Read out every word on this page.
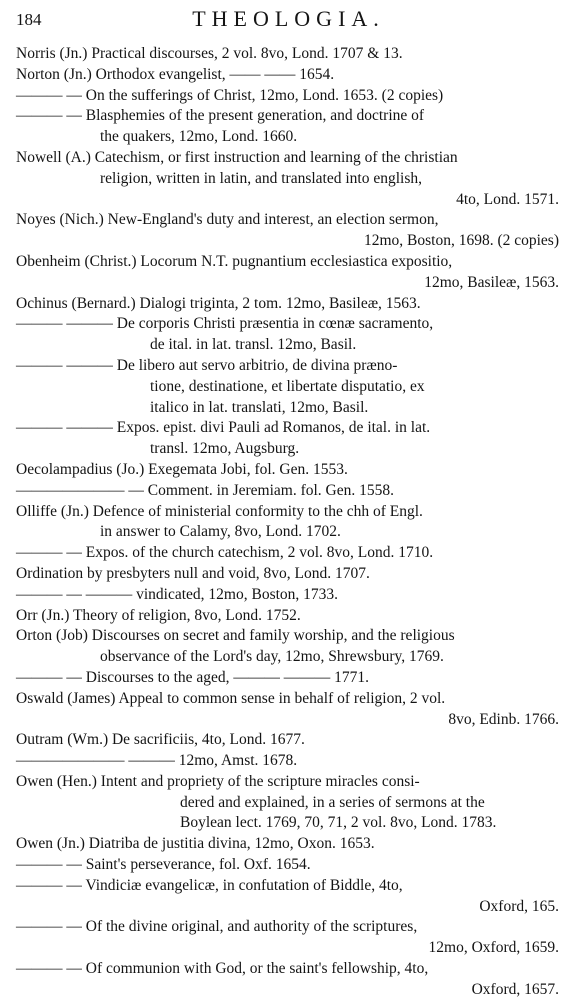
184	THEOLOGIA.
Norris (Jn.) Practical discourses, 2 vol. 8vo, Lond. 1707 & 13.
Norton (Jn.) Orthodox evangelist, —— —— 1654.
——— — On the sufferings of Christ, 12mo, Lond. 1653. (2 copies)
——— — Blasphemies of the present generation, and doctrine of
the quakers, 12mo, Lond. 1660.
Nowell (A.) Catechism, or first instruction and learning of the christian
religion, written in latin, and translated into english,
4to, Lond. 1571.
Noyes (Nich.) New-England's duty and interest, an election sermon,
12mo, Boston, 1698. (2 copies)
Obenheim (Christ.) Locorum N.T. pugnantium ecclesiastica expositio,
12mo, Basileæ, 1563.
Ochinus (Bernard.) Dialogi triginta, 2 tom. 12mo, Basileæ, 1563.
——— ——— De corporis Christi præsentia in cœnæ sacramento,
de ital. in lat. transl. 12mo, Basil.
——— ——— De libero aut servo arbitrio, de divina præno-
tione, destinatione, et libertate disputatio, ex
italico in lat. translati, 12mo, Basil.
——— ——— Expos. epist. divi Pauli ad Romanos, de ital. in lat.
transl. 12mo, Augsburg.
Oecolampadius (Jo.) Exegemata Jobi, fol. Gen. 1553.
——————— — Comment. in Jeremiam. fol. Gen. 1558.
Olliffe (Jn.) Defence of ministerial conformity to the chh of Engl.
in answer to Calamy, 8vo, Lond. 1702.
——— — Expos. of the church catechism, 2 vol. 8vo, Lond. 1710.
Ordination by presbyters null and void, 8vo, Lond. 1707.
——— — ——— vindicated, 12mo, Boston, 1733.
Orr (Jn.) Theory of religion, 8vo, Lond. 1752.
Orton (Job) Discourses on secret and family worship, and the religious
observance of the Lord's day, 12mo, Shrewsbury, 1769.
——— — Discourses to the aged, ——— ——— 1771.
Oswald (James) Appeal to common sense in behalf of religion, 2 vol.
8vo, Edinb. 1766.
Outram (Wm.) De sacrificiis, 4to, Lond. 1677.
——————— ——— 12mo, Amst. 1678.
Owen (Hen.) Intent and propriety of the scripture miracles consi-
dered and explained, in a series of sermons at the
Boylean lect. 1769, 70, 71, 2 vol. 8vo, Lond. 1783.
Owen (Jn.) Diatriba de justitia divina, 12mo, Oxon. 1653.
——— — Saint's perseverance, fol. Oxf. 1654.
——— — Vindiciæ evangelicæ, in confutation of Biddle, 4to,
Oxford, 165.
——— — Of the divine original, and authority of the scriptures,
12mo, Oxford, 1659.
——— — Of communion with God, or the saint's fellowship, 4to,
Oxford, 1657.
